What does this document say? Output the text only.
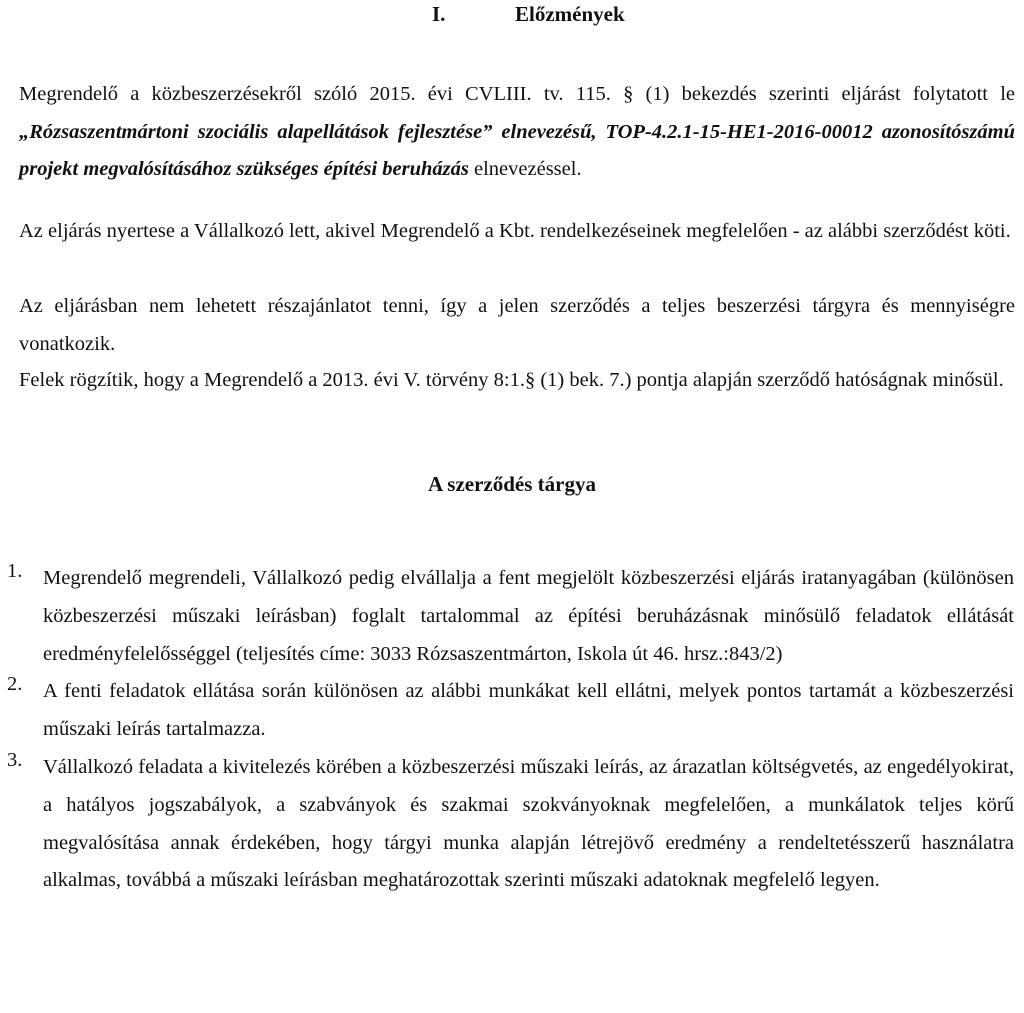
I.	Előzmények
Megrendelő a közbeszerzésekről szóló 2015. évi CVLIII. tv. 115. § (1) bekezdés szerinti eljárást folytatott le „Rózsaszentmártoni szociális alapellátások fejlesztése” elnevezésű, TOP-4.2.1-15-HE1-2016-00012 azonosítószámú projekt megvalósításához szükséges építési beruházás elnevezéssel.
Az eljárás nyertese a Vállalkozó lett, akivel Megrendelő a Kbt. rendelkezéseinek megfelelően - az alábbi szerződést köti.
Az eljárásban nem lehetett részajánlatot tenni, így a jelen szerződés a teljes beszerzési tárgyra és mennyiségre vonatkozik.
Felek rögzítik, hogy a Megrendelő a 2013. évi V. törvény 8:1.§ (1) bek. 7.) pontja alapján szerződő hatóságnak minősül.
A szerződés tárgya
1. Megrendelő megrendeli, Vállalkozó pedig elvállalja a fent megjelölt közbeszerzési eljárás iratanyagában (különösen közbeszerzési műszaki leírásban) foglalt tartalommal az építési beruházásnak minősülő feladatok ellátását eredményfelelősséggel (teljesítés címe: 3033 Rózsaszentmárton, Iskola út 46. hrsz.:843/2)
2. A fenti feladatok ellátása során különösen az alábbi munkákat kell ellátni, melyek pontos tartamát a közbeszerzési műszaki leírás tartalmazza.
3. Vállalkozó feladata a kivitelezés körében a közbeszerzési műszaki leírás, az árazatlan költségvetés, az engedélyokirat, a hatályos jogszabályok, a szabványok és szakmai szokványoknak megfelelően, a munkálatok teljes körű megvalósítása annak érdekében, hogy tárgyi munka alapján létrejövő eredmény a rendeltetésszerű használatra alkalmas, továbbá a műszaki leírásban meghatározottak szerinti műszaki adatoknak megfelelő legyen.
